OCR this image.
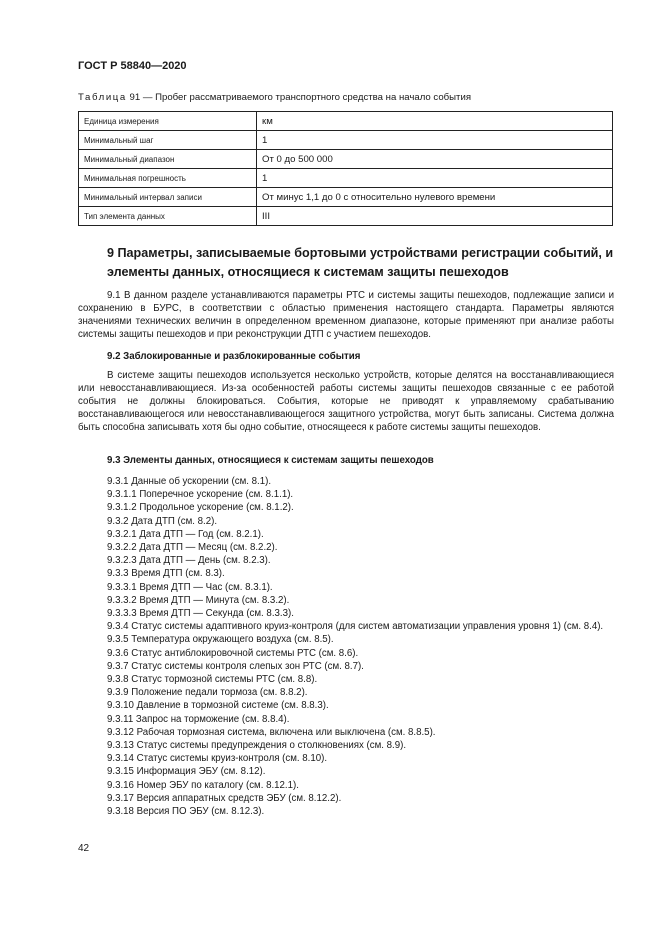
ГОСТ Р 58840—2020
Таблица 91 — Пробег рассматриваемого транспортного средства на начало события
Единица измерения	км
Минимальный шаг	1
Минимальный диапазон	От 0 до 500 000
Минимальная погрешность	1
Минимальный интервал записи	От минус 1,1 до 0 с относительно нулевого времени
Тип элемента данных	III
9 Параметры, записываемые бортовыми устройствами регистрации событий, и элементы данных, относящиеся к системам защиты пешеходов

9.1 В данном разделе устанавливаются параметры РТС и системы защиты пешеходов, подлежащие записи и сохранению в БУРС, в соответствии с областью применения настоящего стандарта. Параметры являются значениями технических величин в определенном временном диапазоне, которые применяют при анализе работы системы защиты пешеходов и при реконструкции ДТП с участием пешеходов.

9.2 Заблокированные и разблокированные события

В системе защиты пешеходов используется несколько устройств, которые делятся на восстанавливающиеся или невосстанавливающиеся. Из-за особенностей работы системы защиты пешеходов связанные с ее работой события не должны блокироваться. События, которые не приводят к управляемому срабатыванию восстанавливающегося или невосстанавливающегося защитного устройства, могут быть записаны. Система должна быть способна записывать хотя бы одно событие, относящееся к работе системы защиты пешеходов.

9.3 Элементы данных, относящиеся к системам защиты пешеходов
9.3.1 Данные об ускорении (см. 8.1).
9.3.1.1 Поперечное ускорение (см. 8.1.1).
9.3.1.2 Продольное ускорение (см. 8.1.2).
9.3.2 Дата ДТП (см. 8.2).
9.3.2.1 Дата ДТП — Год (см. 8.2.1).
9.3.2.2 Дата ДТП — Месяц (см. 8.2.2).
9.3.2.3 Дата ДТП — День (см. 8.2.3).
9.3.3 Время ДТП (см. 8.3).
9.3.3.1 Время ДТП — Час (см. 8.3.1).
9.3.3.2 Время ДТП — Минута (см. 8.3.2).
9.3.3.3 Время ДТП — Секунда (см. 8.3.3).
9.3.4 Статус системы адаптивного круиз-контроля (для систем автоматизации управления уровня 1) (см. 8.4).
9.3.5 Температура окружающего воздуха (см. 8.5).
9.3.6 Статус антиблокировочной системы РТС (см. 8.6).
9.3.7 Статус системы контроля слепых зон РТС (см. 8.7).
9.3.8 Статус тормозной системы РТС (см. 8.8).
9.3.9 Положение педали тормоза (см. 8.8.2).
9.3.10 Давление в тормозной системе (см. 8.8.3).
9.3.11 Запрос на торможение (см. 8.8.4).
9.3.12 Рабочая тормозная система, включена или выключена (см. 8.8.5).
9.3.13 Статус системы предупреждения о столкновениях (см. 8.9).
9.3.14 Статус системы круиз-контроля (см. 8.10).
9.3.15 Информация ЭБУ (см. 8.12).
9.3.16 Номер ЭБУ по каталогу (см. 8.12.1).
9.3.17 Версия аппаратных средств ЭБУ (см. 8.12.2).
9.3.18 Версия ПО ЭБУ (см. 8.12.3).
42
